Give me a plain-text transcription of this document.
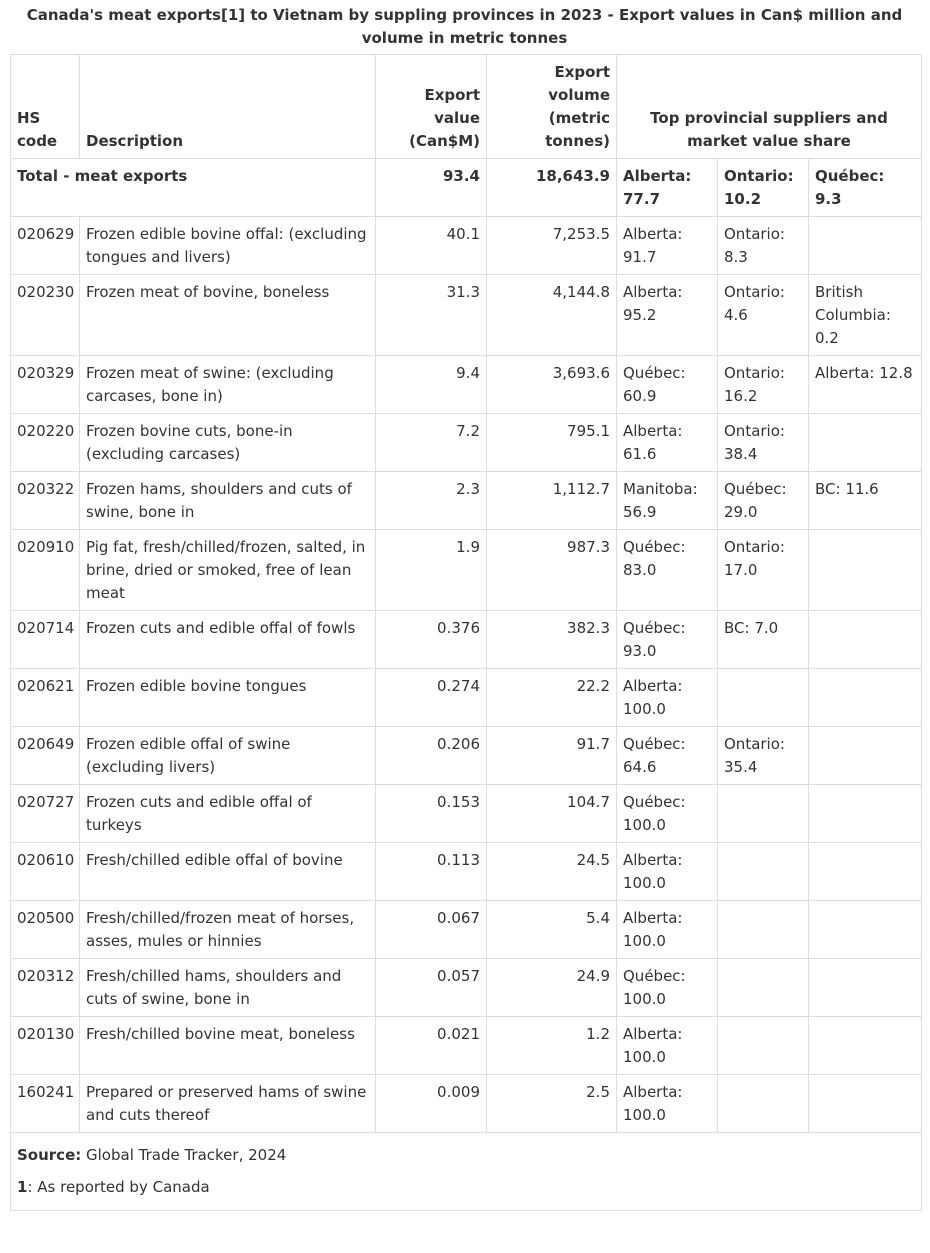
Canada's meat exports[1] to Vietnam by suppling provinces in 2023 - Export values in Can$ million and volume in metric tonnes
HS code	Description	Export value (Can$M)	Export volume (metric tonnes)	Top provincial suppliers and market value share		
Total - meat exports		93.4	18,643.9	Alberta: 77.7	Ontario: 10.2	Québec: 9.3
020629	Frozen edible bovine offal: (excluding tongues and livers)	40.1	7,253.5	Alberta: 91.7	Ontario: 8.3	
020230	Frozen meat of bovine, boneless	31.3	4,144.8	Alberta: 95.2	Ontario: 4.6	British Columbia: 0.2
020329	Frozen meat of swine: (excluding carcases, bone in)	9.4	3,693.6	Québec: 60.9	Ontario: 16.2	Alberta: 12.8
020220	Frozen bovine cuts, bone-in (excluding carcases)	7.2	795.1	Alberta: 61.6	Ontario: 38.4	
020322	Frozen hams, shoulders and cuts of swine, bone in	2.3	1,112.7	Manitoba: 56.9	Québec: 29.0	BC: 11.6
020910	Pig fat, fresh/chilled/frozen, salted, in brine, dried or smoked, free of lean meat	1.9	987.3	Québec: 83.0	Ontario: 17.0	
020714	Frozen cuts and edible offal of fowls	0.376	382.3	Québec: 93.0	BC: 7.0	
020621	Frozen edible bovine tongues	0.274	22.2	Alberta: 100.0		
020649	Frozen edible offal of swine (excluding livers)	0.206	91.7	Québec: 64.6	Ontario: 35.4	
020727	Frozen cuts and edible offal of turkeys	0.153	104.7	Québec: 100.0		
020610	Fresh/chilled edible offal of bovine	0.113	24.5	Alberta: 100.0		
020500	Fresh/chilled/frozen meat of horses, asses, mules or hinnies	0.067	5.4	Alberta: 100.0		
020312	Fresh/chilled hams, shoulders and cuts of swine, bone in	0.057	24.9	Québec: 100.0		
020130	Fresh/chilled bovine meat, boneless	0.021	1.2	Alberta: 100.0		
160241	Prepared or preserved hams of swine and cuts thereof	0.009	2.5	Alberta: 100.0		

Source: Global Trade Tracker, 2024
1: As reported by Canada						
